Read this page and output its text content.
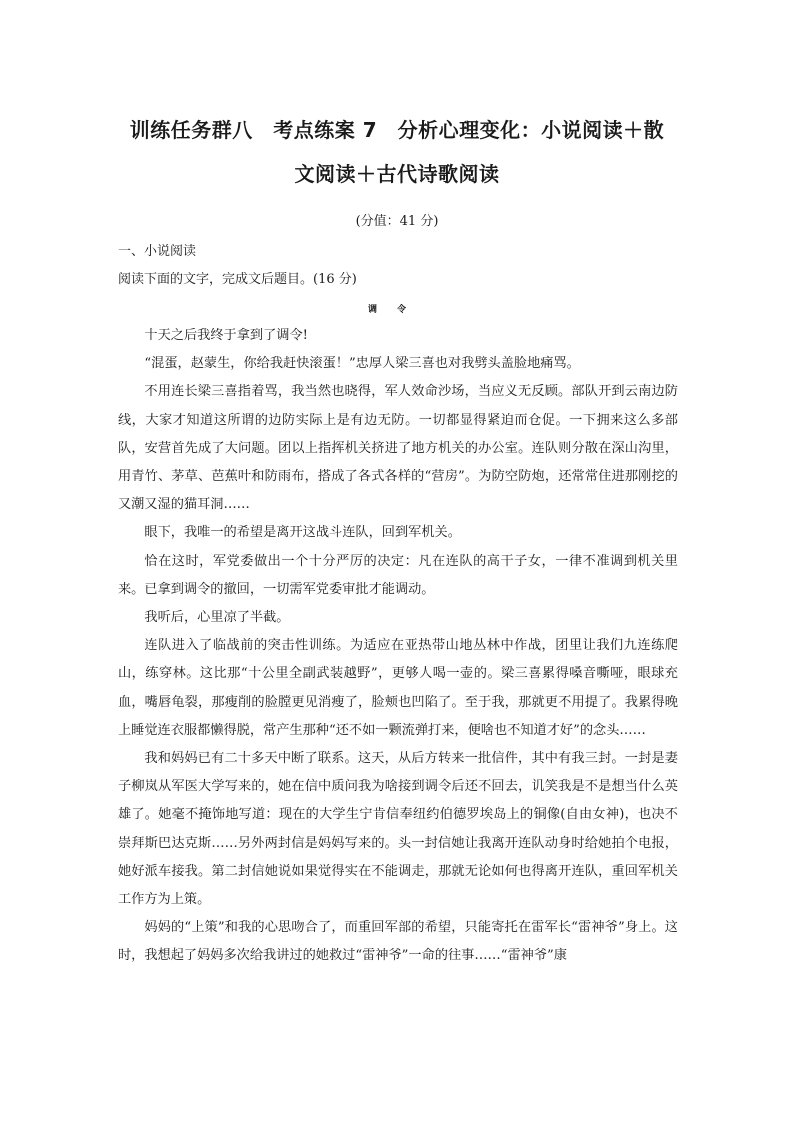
训练任务群八　考点练案 7　分析心理变化：小说阅读＋散
文阅读＋古代诗歌阅读
(分值：41 分)
一、小说阅读
阅读下面的文字，完成文后题目。(16 分)
调令

十天之后我终于拿到了调令!

“混蛋，赵蒙生，你给我赶快滚蛋！”忠厚人梁三喜也对我劈头盖脸地痛骂。

不用连长梁三喜指着骂，我当然也晓得，军人效命沙场，当应义无反顾。部队开到云南边防线，大家才知道这所谓的边防实际上是有边无防。一切都显得紧迫而仓促。一下拥来这么多部队，安营首先成了大问题。团以上指挥机关挤进了地方机关的办公室。连队则分散在深山沟里，用青竹、茅草、芭蕉叶和防雨布，搭成了各式各样的“营房”。为防空防炮，还常常住进那刚挖的又潮又湿的猫耳洞……

眼下，我唯一的希望是离开这战斗连队，回到军机关。

恰在这时，军党委做出一个十分严厉的决定：凡在连队的高干子女，一律不准调到机关里来。已拿到调令的撤回，一切需军党委审批才能调动。

我听后，心里凉了半截。

连队进入了临战前的突击性训练。为适应在亚热带山地丛林中作战，团里让我们九连练爬山，练穿林。这比那“十公里全副武装越野”，更够人喝一壶的。梁三喜累得嗓音嘶哑，眼球充血，嘴唇龟裂，那瘦削的脸膛更见消瘦了，脸颊也凹陷了。至于我，那就更不用提了。我累得晚上睡觉连衣服都懒得脱，常产生那种“还不如一颗流弹打来，便啥也不知道才好”的念头……

我和妈妈已有二十多天中断了联系。这天，从后方转来一批信件，其中有我三封。一封是妻子柳岚从军医大学写来的，她在信中质问我为啥接到调令后还不回去，讥笑我是不是想当什么英雄了。她毫不掩饰地写道：现在的大学生宁肯信奉纽约伯德罗埃岛上的铜像(自由女神)，也决不崇拜斯巴达克斯……另外两封信是妈妈写来的。头一封信她让我离开连队动身时给她拍个电报，她好派车接我。第二封信她说如果觉得实在不能调走，那就无论如何也得离开连队，重回军机关工作方为上策。

妈妈的“上策”和我的心思吻合了，而重回军部的希望，只能寄托在雷军长“雷神爷”身上。这时，我想起了妈妈多次给我讲过的她救过“雷神爷”一命的往事……“雷神爷”康
